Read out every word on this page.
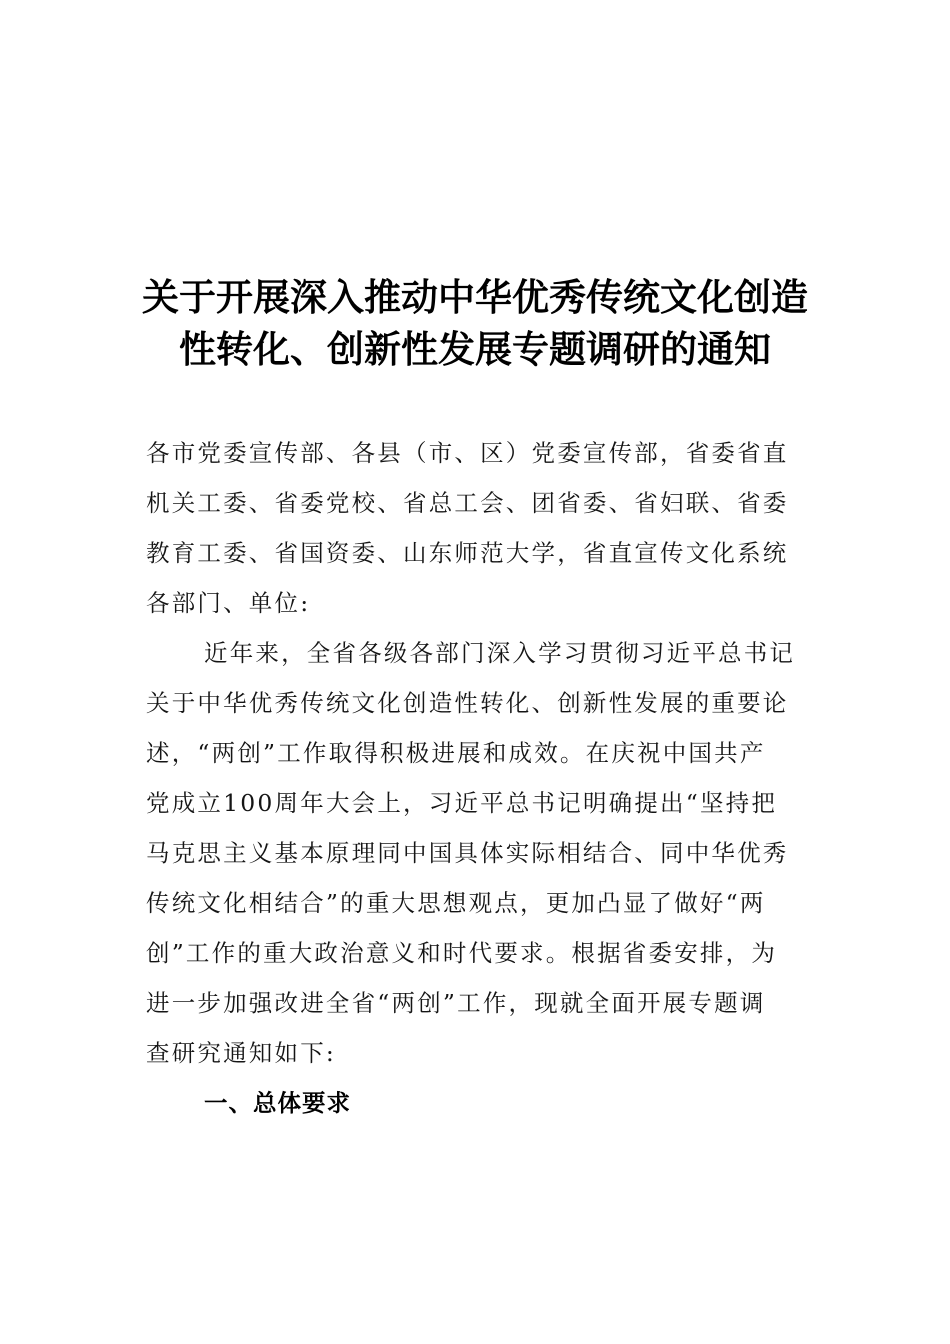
关于开展深入推动中华优秀传统文化创造
性转化、创新性发展专题调研的通知
各市党委宣传部、各县（市、区）党委宣传部，省委省直
机关工委、省委党校、省总工会、团省委、省妇联、省委
教育工委、省国资委、山东师范大学，省直宣传文化系统
各部门、单位:
近年来，全省各级各部门深入学习贯彻习近平总书记
关于中华优秀传统文化创造性转化、创新性发展的重要论
述，“两创”工作取得积极进展和成效。在庆祝中国共产
党成立100周年大会上，习近平总书记明确提出“坚持把
马克思主义基本原理同中国具体实际相结合、同中华优秀
传统文化相结合”的重大思想观点，更加凸显了做好“两
创”工作的重大政治意义和时代要求。根据省委安排，为
进一步加强改进全省“两创”工作，现就全面开展专题调
查研究通知如下:
一、总体要求
